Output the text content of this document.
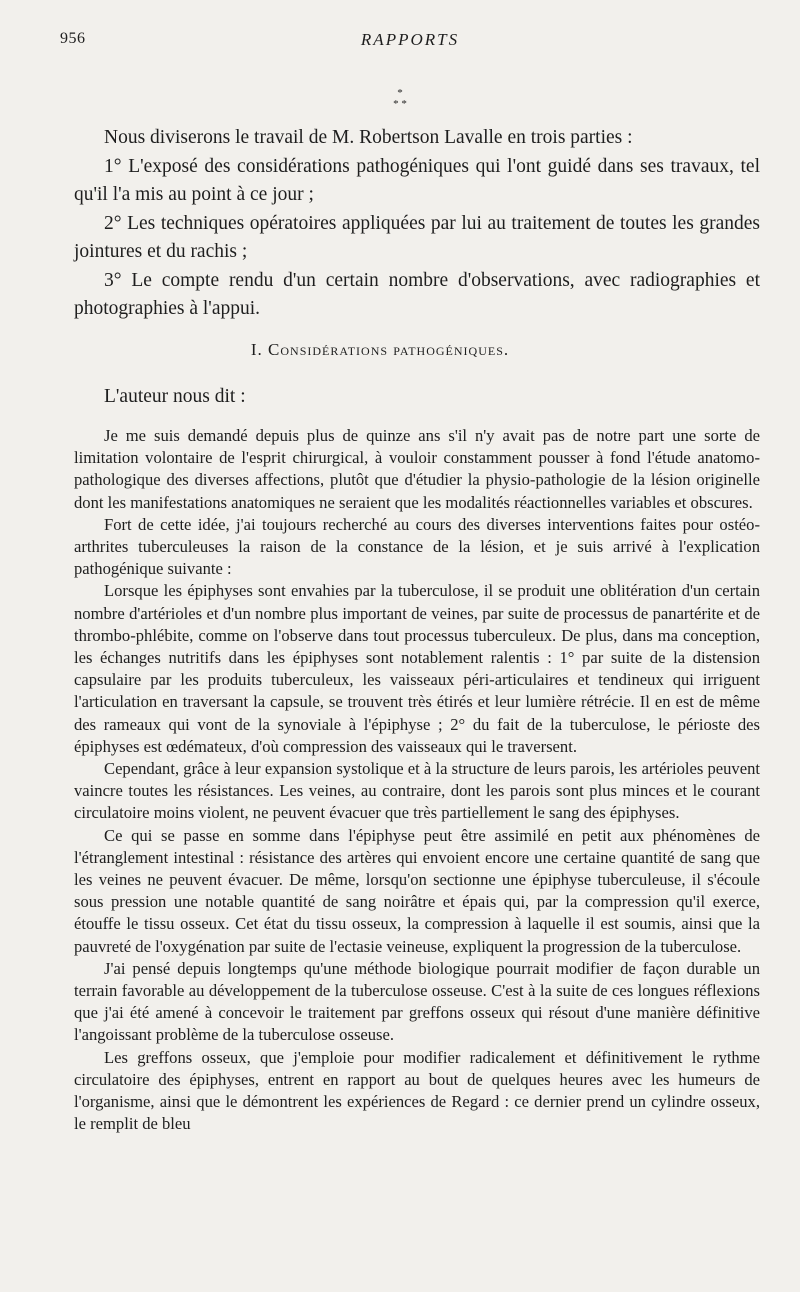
956	RAPPORTS
*
* *

Nous diviserons le travail de M. Robertson Lavalle en trois parties :

1° L'exposé des considérations pathogéniques qui l'ont guidé dans ses travaux, tel qu'il l'a mis au point à ce jour ;

2° Les techniques opératoires appliquées par lui au traitement de toutes les grandes jointures et du rachis ;

3° Le compte rendu d'un certain nombre d'observations, avec radiographies et photographies à l'appui.

I. Considérations pathogéniques.
L'auteur nous dit :

Je me suis demandé depuis plus de quinze ans s'il n'y avait pas de notre part une sorte de limitation volontaire de l'esprit chirurgical, à vouloir constamment pousser à fond l'étude anatomo-pathologique des diverses affections, plutôt que d'étudier la physio-pathologie de la lésion originelle dont les manifestations anatomiques ne seraient que les modalités réactionnelles variables et obscures.

Fort de cette idée, j'ai toujours recherché au cours des diverses interventions faites pour ostéo-arthrites tuberculeuses la raison de la constance de la lésion, et je suis arrivé à l'explication pathogénique suivante :

Lorsque les épiphyses sont envahies par la tuberculose, il se produit une oblitération d'un certain nombre d'artérioles et d'un nombre plus important de veines, par suite de processus de panartérite et de thrombo-phlébite, comme on l'observe dans tout processus tuberculeux. De plus, dans ma conception, les échanges nutritifs dans les épiphyses sont notablement ralentis : 1° par suite de la distension capsulaire par les produits tuberculeux, les vaisseaux péri-articulaires et tendineux qui irriguent l'articulation en traversant la capsule, se trouvent très étirés et leur lumière rétrécie. Il en est de même des rameaux qui vont de la synoviale à l'épiphyse ; 2° du fait de la tuberculose, le périoste des épiphyses est œdémateux, d'où compression des vaisseaux qui le traversent.

Cependant, grâce à leur expansion systolique et à la structure de leurs parois, les artérioles peuvent vaincre toutes les résistances. Les veines, au contraire, dont les parois sont plus minces et le courant circulatoire moins violent, ne peuvent évacuer que très partiellement le sang des épiphyses.

Ce qui se passe en somme dans l'épiphyse peut être assimilé en petit aux phénomènes de l'étranglement intestinal : résistance des artères qui envoient encore une certaine quantité de sang que les veines ne peuvent évacuer. De même, lorsqu'on sectionne une épiphyse tuberculeuse, il s'écoule sous pression une notable quantité de sang noirâtre et épais qui, par la compression qu'il exerce, étouffe le tissu osseux. Cet état du tissu osseux, la compression à laquelle il est soumis, ainsi que la pauvreté de l'oxygénation par suite de l'ectasie veineuse, expliquent la progression de la tuberculose.

J'ai pensé depuis longtemps qu'une méthode biologique pourrait modifier de façon durable un terrain favorable au développement de la tuberculose osseuse. C'est à la suite de ces longues réflexions que j'ai été amené à concevoir le traitement par greffons osseux qui résout d'une manière définitive l'angoissant problème de la tuberculose osseuse.

Les greffons osseux, que j'emploie pour modifier radicalement et définitivement le rythme circulatoire des épiphyses, entrent en rapport au bout de quelques heures avec les humeurs de l'organisme, ainsi que le démontrent les expériences de Regard : ce dernier prend un cylindre osseux, le remplit de bleu
